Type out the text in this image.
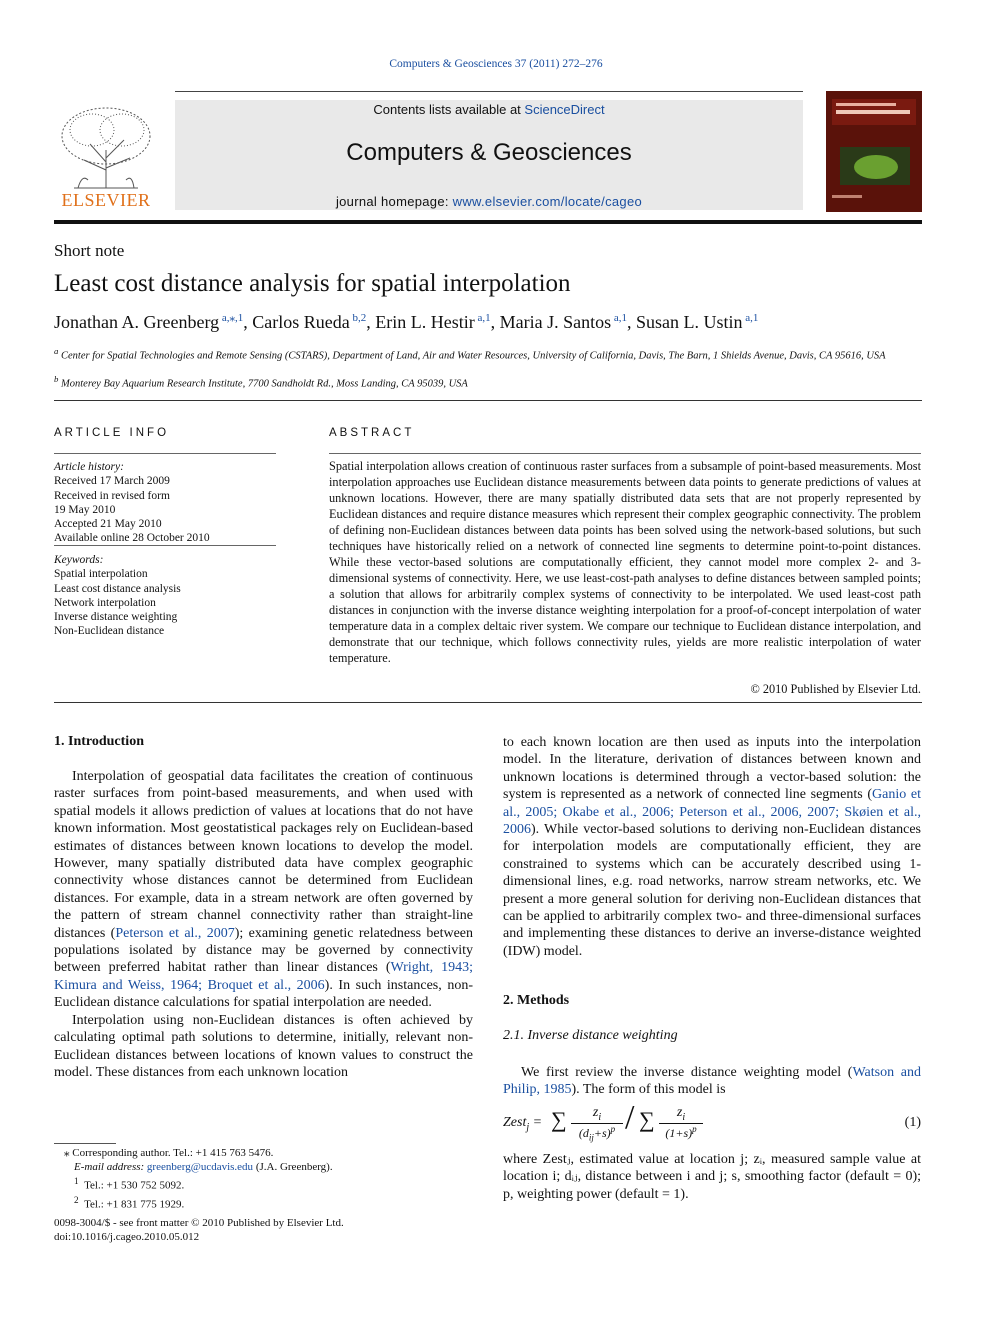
Computers & Geosciences 37 (2011) 272–276
ELSEVIER
Contents lists available at ScienceDirect
Computers & Geosciences
journal homepage: www.elsevier.com/locate/cageo
Short note
Least cost distance analysis for spatial interpolation
Jonathan A. Greenberg $^{a,⁎,1}$, Carlos Rueda $^{b,2}$, Erin L. Hestir $^{a,1}$, Maria J. Santos $^{a,1}$, Susan L. Ustin $^{a,1}$
$^a$ Center for Spatial Technologies and Remote Sensing (CSTARS), Department of Land, Air and Water Resources, University of California, Davis, The Barn, 1 Shields Avenue, Davis, CA 95616, USA
$^b$ Monterey Bay Aquarium Research Institute, 7700 Sandholdt Rd., Moss Landing, CA 95039, USA
ARTICLE INFO
Article history:
Received 17 March 2009
Received in revised form
19 May 2010
Accepted 21 May 2010
Available online 28 October 2010
Keywords:
Spatial interpolation
Least cost distance analysis
Network interpolation
Inverse distance weighting
Non-Euclidean distance
ABSTRACT
Spatial interpolation allows creation of continuous raster surfaces from a subsample of point-based measurements. Most interpolation approaches use Euclidean distance measurements between data points to generate predictions of values at unknown locations. However, there are many spatially distributed data sets that are not properly represented by Euclidean distances and require distance measures which represent their complex geographic connectivity. The problem of defining non-Euclidean distances between data points has been solved using the network-based solutions, but such techniques have historically relied on a network of connected line segments to determine point-to-point distances. While these vector-based solutions are computationally efficient, they cannot model more complex 2- and 3-dimensional systems of connectivity. Here, we use least-cost-path analyses to define distances between sampled points; a solution that allows for arbitrarily complex systems of connectivity to be interpolated. We used least-cost path distances in conjunction with the inverse distance weighting interpolation for a proof-of-concept interpolation of water temperature data in a complex deltaic river system. We compare our technique to Euclidean distance interpolation, and demonstrate that our technique, which follows connectivity rules, yields are more realistic interpolation of water temperature.
© 2010 Published by Elsevier Ltd.
1. Introduction

Interpolation of geospatial data facilitates the creation of continuous raster surfaces from point-based measurements, and when used with spatial models it allows prediction of values at locations that do not have known information. Most geostatistical packages rely on Euclidean-based estimates of distances between known locations to develop the model. However, many spatially distributed data have complex geographic connectivity whose distances cannot be determined from Euclidean distances. For example, data in a stream network are often governed by the pattern of stream channel connectivity rather than straight-line distances (Peterson et al., 2007); examining genetic relatedness between populations isolated by distance may be governed by connectivity between preferred habitat rather than linear distances (Wright, 1943; Kimura and Weiss, 1964; Broquet et al., 2006). In such instances, non-Euclidean distance calculations for spatial interpolation are needed.

Interpolation using non-Euclidean distances is often achieved by calculating optimal path solutions to determine, initially, relevant non-Euclidean distances between locations of known values to construct the model. These distances from each unknown location

⁎ Corresponding author. Tel.: +1 415 763 5476.
E-mail address: greenberg@ucdavis.edu (J.A. Greenberg).
$^1$ Tel.: +1 530 752 5092.
$^2$ Tel.: +1 831 775 1929.
0098-3004/$ - see front matter © 2010 Published by Elsevier Ltd.
doi:10.1016/j.cageo.2010.05.012
to each known location are then used as inputs into the interpolation model. In the literature, derivation of distances between known and unknown locations is determined through a vector-based solution: the system is represented as a network of connected line segments (Ganio et al., 2005; Okabe et al., 2006; Peterson et al., 2006, 2007; Skøien et al., 2006). While vector-based solutions to deriving non-Euclidean distances for interpolation models are computationally efficient, they are constrained to systems which can be accurately described using 1-dimensional lines, e.g. road networks, narrow stream networks, etc. We present a more general solution for deriving non-Euclidean distances that can be applied to arbitrarily complex two- and three-dimensional surfaces and implementing these distances to derive an inverse-distance weighted (IDW) model.
2. Methods
2.1. Inverse distance weighting

We first review the inverse distance weighting model (Watson and Philip, 1985). The form of this model is

Zest$_j$ = ∑	$z_i$
$(d_{ij}+s)^p$ / ∑	$z_i$
$(1+s)^p$	(1)
where Zestⱼ, estimated value at location j; zᵢ, measured sample value at location i; dᵢⱼ, distance between i and j; s, smoothing factor (default = 0); p, weighting power (default = 1).
